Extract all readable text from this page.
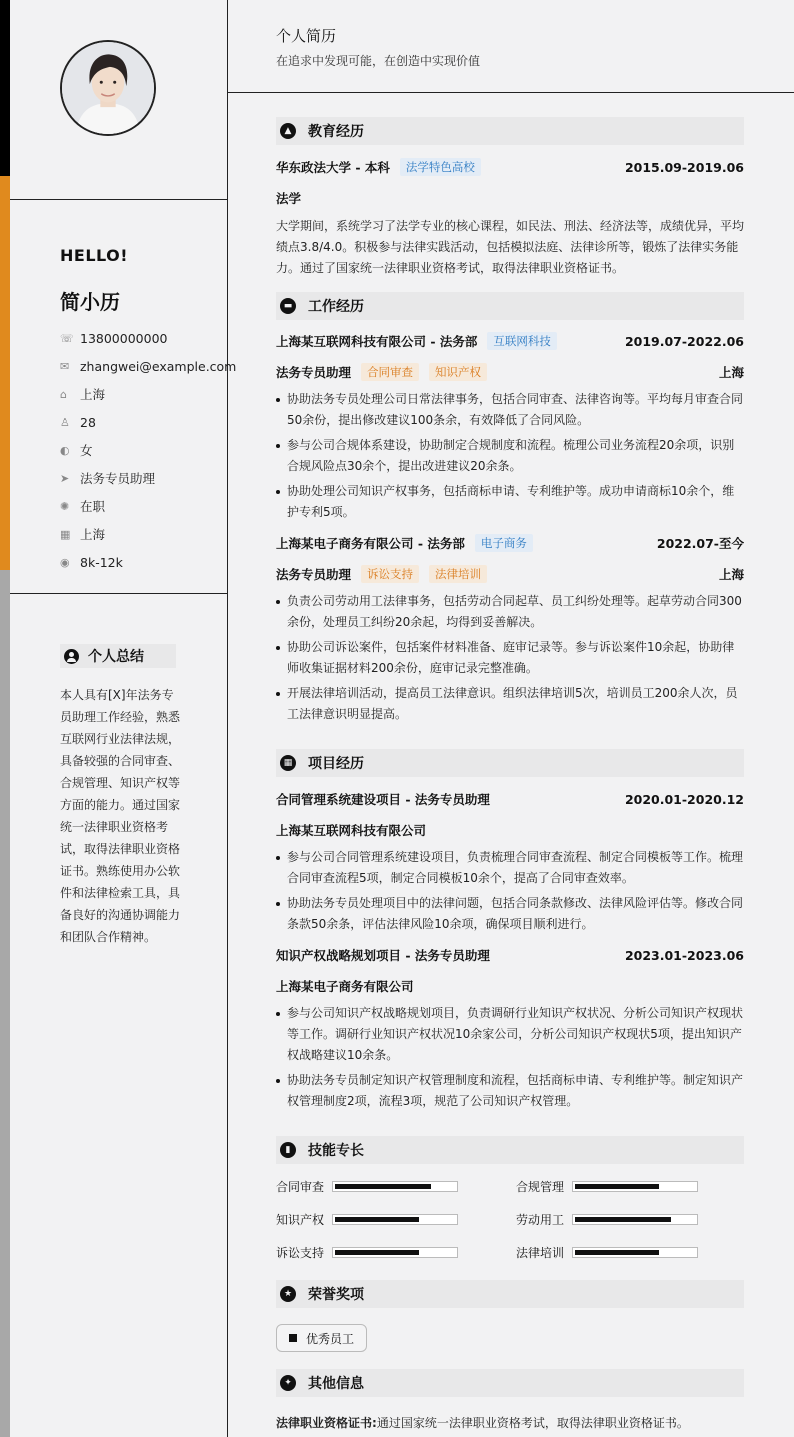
HELLO!
简小历
☏ 13800000000
✉ zhangwei@example.com
⌂	上海
♙ 28
◐ 女
➤ 法务专员助理
✺ 在职
▦ 上海
◉ 8k-12k
个人总结

本人具有[X]年法务专员助理工作经验，熟悉互联网行业法律法规，具备较强的合同审查、合规管理、知识产权等方面的能力。通过国家统一法律职业资格考试，取得法律职业资格证书。熟练使用办公软件和法律检索工具，具备良好的沟通协调能力和团队合作精神。

个人简历
在追求中发现可能，在创造中实现价值
▲	教育经历
华东政法大学 - 本科	法学特色高校	2015.09-2019.06
法学

大学期间，系统学习了法学专业的核心课程，如民法、刑法、经济法等，成绩优异，平均绩点3.8/4.0。积极参与法律实践活动，包括模拟法庭、法律诊所等，锻炼了法律实务能力。通过了国家统一法律职业资格考试，取得法律职业资格证书。

▬ 工作经历
上海某互联网科技有限公司 - 法务部	互联网科技	2019.07-2022.06
法务专员助理	合同审查	知识产权	上海
协助法务专员处理公司日常法律事务，包括合同审查、法律咨询等。平均每月审查合同50余份，提出修改建议100条余，有效降低了合同风险。
参与公司合规体系建设，协助制定合规制度和流程。梳理公司业务流程20余项，识别合规风险点30余个，提出改进建议20余条。
协助处理公司知识产权事务，包括商标申请、专利维护等。成功申请商标10余个，维护专利5项。
上海某电子商务有限公司 - 法务部	电子商务	2022.07-至今
法务专员助理	诉讼支持	法律培训	上海
负责公司劳动用工法律事务，包括劳动合同起草、员工纠纷处理等。起草劳动合同300余份，处理员工纠纷20余起，均得到妥善解决。
协助公司诉讼案件，包括案件材料准备、庭审记录等。参与诉讼案件10余起，协助律师收集证据材料200余份，庭审记录完整准确。
开展法律培训活动，提高员工法律意识。组织法律培训5次，培训员工200余人次，员工法律意识明显提高。
▦ 项目经历
合同管理系统建设项目 - 法务专员助理	2020.01-2020.12
上海某互联网科技有限公司
参与公司合同管理系统建设项目，负责梳理合同审查流程、制定合同模板等工作。梳理合同审查流程5项，制定合同模板10余个，提高了合同审查效率。
协助法务专员处理项目中的法律问题，包括合同条款修改、法律风险评估等。修改合同条款50余条，评估法律风险10余项，确保项目顺利进行。
知识产权战略规划项目 - 法务专员助理	2023.01-2023.06
上海某电子商务有限公司
参与公司知识产权战略规划项目，负责调研行业知识产权状况、分析公司知识产权现状等工作。调研行业知识产权状况10余家公司，分析公司知识产权现状5项，提出知识产权战略建议10余条。
协助法务专员制定知识产权管理制度和流程，包括商标申请、专利维护等。制定知识产权管理制度2项，流程3项，规范了公司知识产权管理。
▮	技能专长
合同审查	合规管理
知识产权	劳动用工
诉讼支持	法律培训
★ 荣誉奖项
优秀员工
✦	其他信息

法律职业资格证书:通过国家统一法律职业资格考试，取得法律职业资格证书。
